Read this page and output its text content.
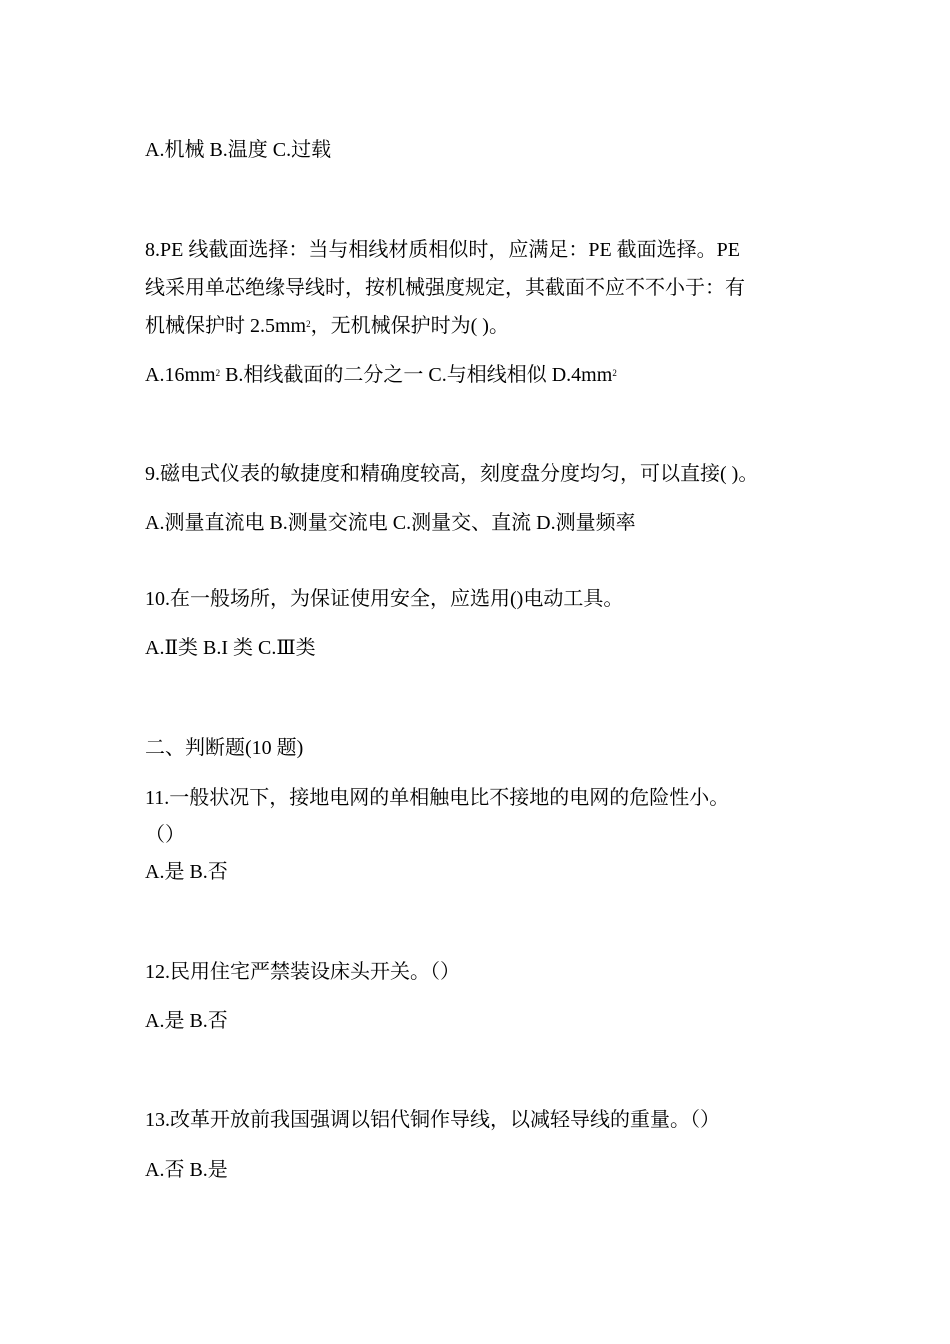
A.机械 B.温度 C.过载
8.PE 线截面选择：当与相线材质相似时，应满足：PE 截面选择。PE
线采用单芯绝缘导线时，按机械强度规定，其截面不应不不小于：有
机械保护时 $2.5mm^2$，无机械保护时为( )。
$A.16mm^2$ B.相线截面的二分之一 C.与相线相似 $D.4mm^2$
9.磁电式仪表的敏捷度和精确度较高，刻度盘分度均匀，可以直接( )。
A.测量直流电 B.测量交流电 C.测量交、直流 D.测量频率
10.在一般场所，为保证使用安全，应选用()电动工具。
A.Ⅱ类 B.I 类 C.Ⅲ类
二、判断题(10 题)
11.一般状况下，接地电网的单相触电比不接地的电网的危险性小。
（）
A.是 B.否
12.民用住宅严禁装设床头开关。（）
A.是 B.否
13.改革开放前我国强调以铝代铜作导线，以减轻导线的重量。（）
A.否 B.是
